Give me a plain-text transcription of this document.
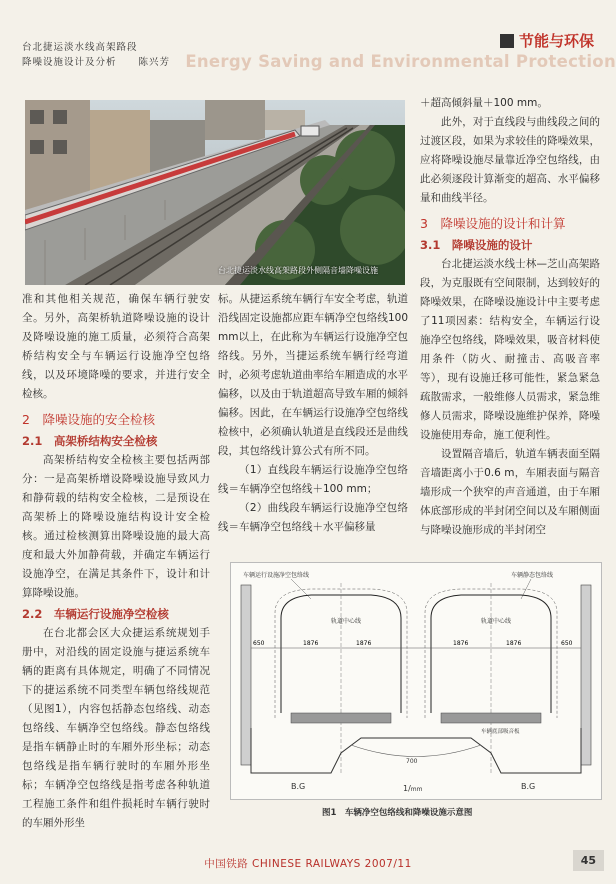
台北捷运淡水线高架路段
降噪设施设计及分析 陈兴芳
节能与环保
Energy Saving and Environmental Protection
台北捷运淡水线高架路段外侧隔音墙降噪设施

准和其他相关规范，确保车辆行驶安全。另外，高架桥轨道降噪设施的设计及降噪设施的施工质量，必须符合高架桥结构安全与车辆运行设施净空包络线，以及环境降噪的要求，并进行安全检核。

2　降噪设施的安全检核

2.1　高架桥结构安全检核

高架桥结构安全检核主要包括两部分：一是高架桥增设降噪设施导致风力和静荷载的结构安全检核，二是预设在高架桥上的降噪设施结构设计安全检核。通过检核测算出降噪设施的最大高度和最大外加静荷载，并确定车辆运行设施净空，在满足其条件下，设计和计算降噪设施。

2.2　车辆运行设施净空检核

在台北都会区大众捷运系统规划手册中，对沿线的固定设施与捷运系统车辆的距离有具体规定，明确了不同情况下的捷运系统不同类型车辆包络线规范（见图1），内容包括静态包络线、动态包络线、车辆净空包络线。静态包络线是指车辆静止时的车厢外形坐标；动态包络线是指车辆行驶时的车厢外形坐标；车辆净空包络线是指考虑各种轨道工程施工条件和组件损耗时车辆行驶时的车厢外形坐

标。从捷运系统车辆行车安全考虑，轨道沿线固定设施都应距车辆净空包络线100 mm以上，在此称为车辆运行设施净空包络线。另外，当捷运系统车辆行经弯道时，必须考虑轨道曲率给车厢造成的水平偏移，以及由于轨道超高导致车厢的倾斜偏移。因此，在车辆运行设施净空包络线检核中，必须确认轨道是直线段还是曲线段，其包络线计算公式有所不同。

（1）直线段车辆运行设施净空包络线＝车辆净空包络线＋100 mm；

（2）曲线段车辆运行设施净空包络线＝车辆净空包络线＋水平偏移量

＋超高倾斜量＋100 mm。

此外，对于直线段与曲线段之间的过渡区段，如果为求较佳的降噪效果，应将降噪设施尽量靠近净空包络线，由此必须逐段计算渐变的超高、水平偏移量和曲线半径。

3　降噪设施的设计和计算

3.1　降噪设施的设计

台北捷运淡水线士林—芝山高架路段，为克服既有空间限制，达到较好的降噪效果，在降噪设施设计中主要考虑了11项因素：结构安全，车辆运行设施净空包络线，降噪效果，吸音材料使用条件（防火、耐撞击、高吸音率等），现有设施迁移可能性，紧急紧急疏散需求，一般维修人员需求，紧急维修人员需求，降噪设施维护保养，降噪设施使用寿命，施工便利性。

设置隔音墙后，轨道车辆表面至隔音墙距离小于0.6 m，车厢表面与隔音墙形成一个狭窄的声音通道，由于车厢体底部形成的半封闭空间以及车厢侧面与降噪设施形成的半封闭空

车辆运行设施净空包络线	车辆静态包络线
轨道中心线	轨道中心线
650	1876	1876	1876	1876	650
车辆底部吸音板
700
B.G	B.G
1/mm
图1　车辆净空包络线和降噪设施示意图
中国铁路 CHINESE RAILWAYS 2007/11	45
